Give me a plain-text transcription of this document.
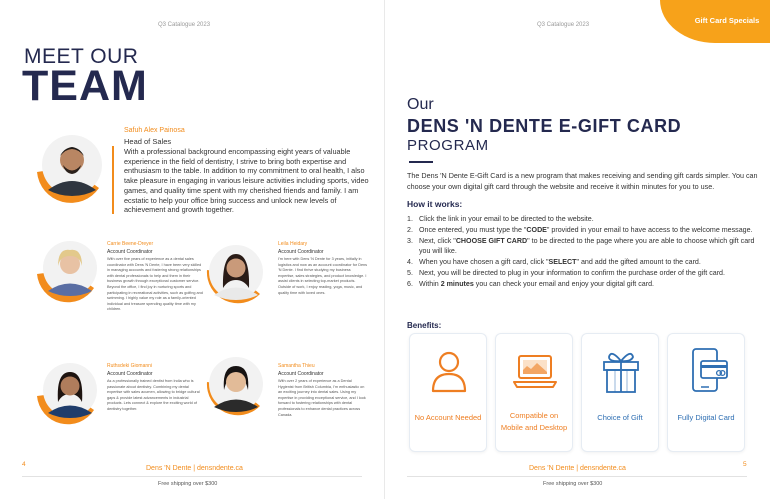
Q3 Catalogue 2023
MEET OUR
TEAM
Safuh Alex Painosa
Head of Sales
With a professional background encompassing eight years of valuable experience in the field of dentistry, I strive to bring both expertise and enthusiasm to the table. In addition to my commitment to oral health, I also take pleasure in engaging in various leisure activities including sports, video games, and quality time spent with my cherished friends and family. I am ecstatic to help your office bring success and unlock new levels of achievement and growth together.
Carrie Beene-Dreyer
Account Coordinator
With over five years of experience as a dental sales coordinator with Dens 'N Dente, I have been very skilled in managing accounts and fostering strong relationships with dental professionals to help and them in their business growth through exceptional customer service. Beyond the office, I find joy in nurturing sports and participating in recreational activities, such as golfing and swimming. I highly value my role as a family-oriented individual and treasure spending quality time with my children.
Leila Heidary
Account Coordinator
I'm here with Dens 'N Dente for 3 years, initially in logistics and now as an account coordinator for Dens 'N Dente. I find thrive studying my business expertise, sales strategies, and product knowledge. I assist clients in selecting top-market products. Outside of work, I enjoy reading, yoga, music, and quality time with loved ones.
Ruthsdeki Giomanni
Account Coordinator
As a professionally trained dentist from India who is passionate about dentistry. Combining my dental expertise with sales acumen, allowing to bridge cultural gaps & provide latest advancements in industrial products. Lets connect & explore the exciting world of dentistry together.
Samantha Thieu
Account Coordinator
With over 2 years of experience as a Dental Hygienist from British Columbia, I'm enthusiastic on an exciting journey into dental sales. Using my expertise in providing exceptional service, and I look forward to fostering relationships with dental professionals to enhance dental practices across Canada.
4
Dens 'N Dente | densndente.ca
Free shipping over $300
Q3 Catalogue 2023	Gift Card Specials
Our
DENS 'N DENTE E-GIFT CARD
PROGRAM
The Dens 'N Dente E-Gift Card is a new program that makes receiving and sending gift cards simpler. You can choose your own digital gift card through the website and receive it within minutes for you to use.
How it works:
1. Click the link in your email to be directed to the website.
2. Once entered, you must type the "CODE" provided in your email to have access to the welcome message.
3. Next, click "CHOOSE GIFT CARD" to be directed to the page where you are able to choose which gift card you will like.
4. When you have chosen a gift card, click "SELECT" and add the gifted amount to the card.
5. Next, you will be directed to plug in your information to confirm the purchase order of the gift card.
6. Within 2 minutes you can check your email and enjoy your digital gift card.
Benefits:
No Account Needed	Compatible on Mobile and Desktop
Choice of Gift	Fully Digital Card
5
Dens 'N Dente | densndente.ca
Free shipping over $300
